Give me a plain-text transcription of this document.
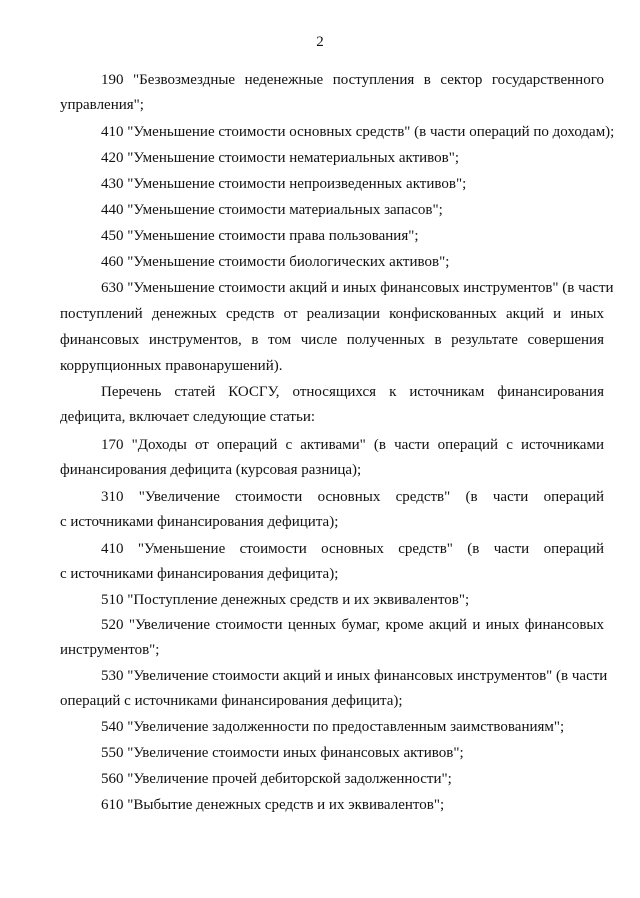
2
190 "Безвозмездные неденежные поступления в сектор государственного
управления";
410 "Уменьшение стоимости основных средств" (в части операций по доходам);
420 "Уменьшение стоимости нематериальных активов";
430 "Уменьшение стоимости непроизведенных активов";
440 "Уменьшение стоимости материальных запасов";
450 "Уменьшение стоимости права пользования";
460 "Уменьшение стоимости биологических активов";
630 "Уменьшение стоимости акций и иных финансовых инструментов" (в части
поступлений денежных средств от реализации конфискованных акций и иных
финансовых инструментов, в том числе полученных в результате совершения
коррупционных правонарушений).
Перечень статей КОСГУ, относящихся к источникам финансирования
дефицита, включает следующие статьи:
170 "Доходы от операций с активами" (в части операций с источниками
финансирования дефицита (курсовая разница);
310 "Увеличение стоимости основных средств" (в части операций
с источниками финансирования дефицита);
410 "Уменьшение стоимости основных средств" (в части операций
с источниками финансирования дефицита);
510 "Поступление денежных средств и их эквивалентов";
520 "Увеличение стоимости ценных бумаг, кроме акций и иных финансовых
инструментов";
530 "Увеличение стоимости акций и иных финансовых инструментов" (в части
операций с источниками финансирования дефицита);
540 "Увеличение задолженности по предоставленным заимствованиям";
550 "Увеличение стоимости иных финансовых активов";
560 "Увеличение прочей дебиторской задолженности";
610 "Выбытие денежных средств и их эквивалентов";
